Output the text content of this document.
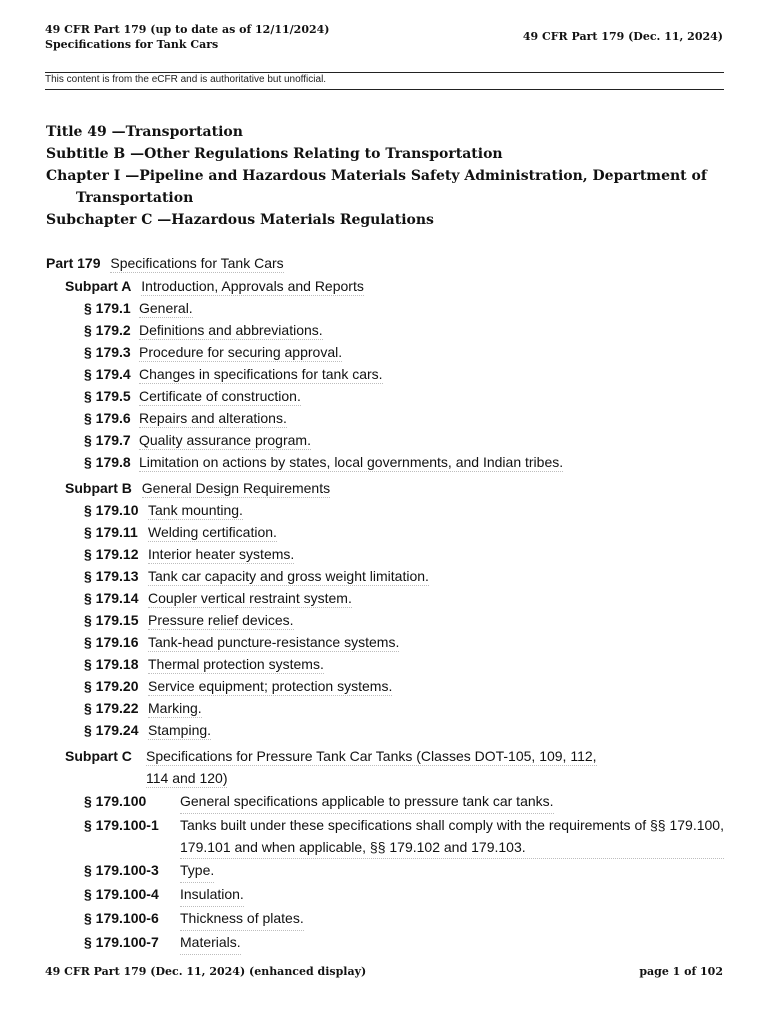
49 CFR Part 179 (up to date as of 12/11/2024)
Specifications for Tank Cars
49 CFR Part 179 (Dec. 11, 2024)
This content is from the eCFR and is authoritative but unofficial.
Title 49 —Transportation
Subtitle B —Other Regulations Relating to Transportation
Chapter I —Pipeline and Hazardous Materials Safety Administration, Department of
Transportation
Subchapter C —Hazardous Materials Regulations
Part 179 Specifications for Tank Cars
Subpart A Introduction, Approvals and Reports
§ 179.1 General.
§ 179.2 Definitions and abbreviations.
§ 179.3 Procedure for securing approval.
§ 179.4 Changes in specifications for tank cars.
§ 179.5 Certificate of construction.
§ 179.6 Repairs and alterations.
§ 179.7 Quality assurance program.
§ 179.8 Limitation on actions by states, local governments, and Indian tribes.
Subpart B General Design Requirements
§ 179.10 Tank mounting.
§ 179.11 Welding certification.
§ 179.12 Interior heater systems.
§ 179.13 Tank car capacity and gross weight limitation.
§ 179.14 Coupler vertical restraint system.
§ 179.15 Pressure relief devices.
§ 179.16 Tank-head puncture-resistance systems.
§ 179.18 Thermal protection systems.
§ 179.20 Service equipment; protection systems.
§ 179.22 Marking.
§ 179.24 Stamping.
Subpart C Specifications for Pressure Tank Car Tanks (Classes DOT-105, 109, 112,
114 and 120)
§ 179.100	General specifications applicable to pressure tank car tanks.
§ 179.100-1	Tanks built under these specifications shall comply with the requirements of §§ 179.100, 179.101 and when applicable, §§ 179.102 and 179.103.
§ 179.100-3	Type.
§ 179.100-4	Insulation.
§ 179.100-6	Thickness of plates.
§ 179.100-7	Materials.
49 CFR Part 179 (Dec. 11, 2024) (enhanced display)	page 1 of 102
